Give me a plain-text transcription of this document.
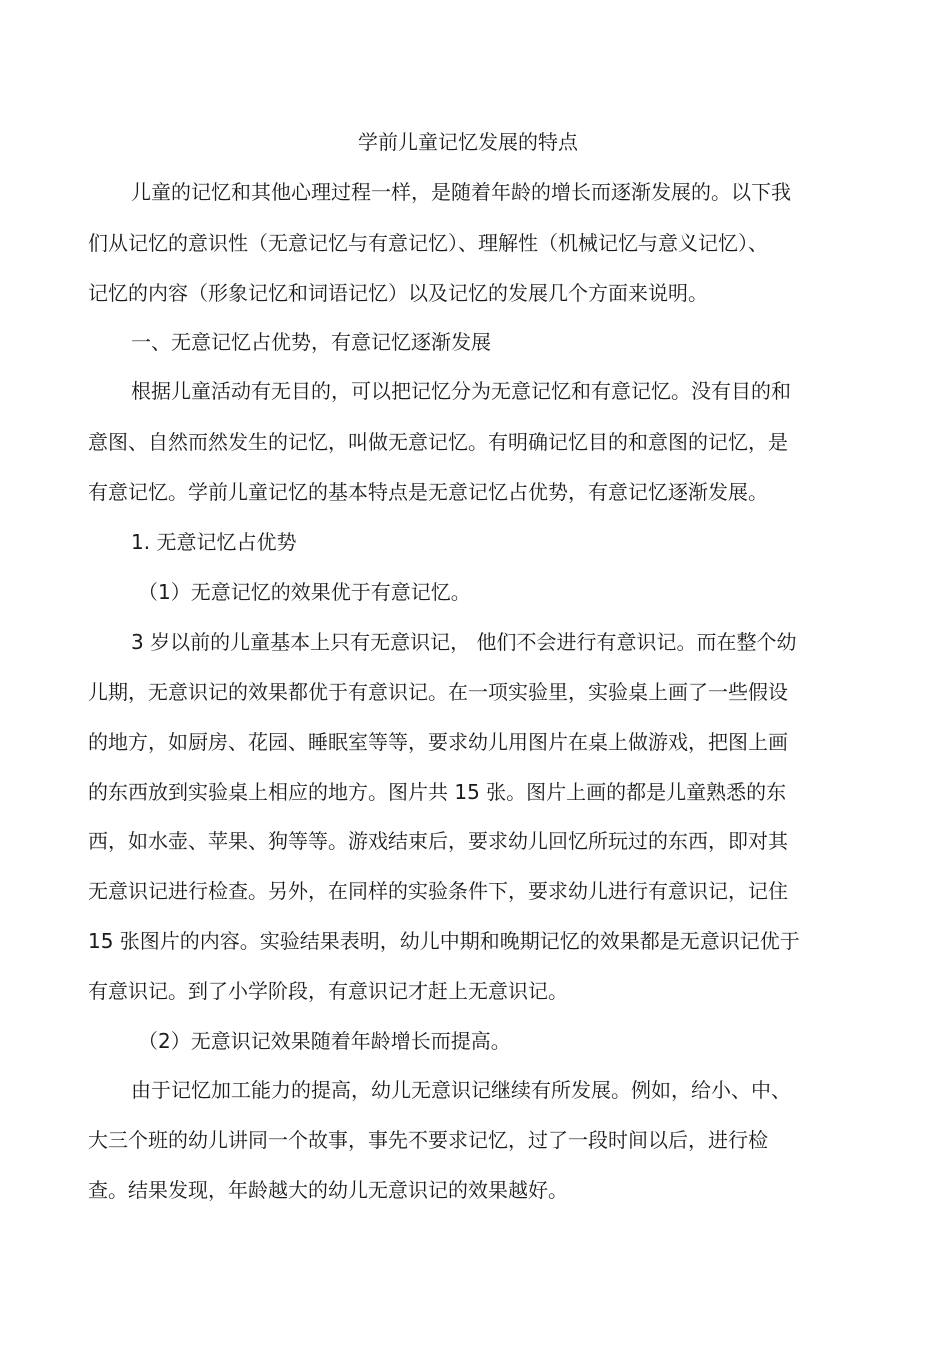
学前儿童记忆发展的特点
儿童的记忆和其他心理过程一样，是随着年龄的增长而逐渐发展的。以下我
们从记忆的意识性（无意记忆与有意记忆）、理解性（机械记忆与意义记忆）、
记忆的内容（形象记忆和词语记忆）以及记忆的发展几个方面来说明。
一、无意记忆占优势，有意记忆逐渐发展
根据儿童活动有无目的，可以把记忆分为无意记忆和有意记忆。没有目的和
意图、自然而然发生的记忆，叫做无意记忆。有明确记忆目的和意图的记忆，是
有意记忆。学前儿童记忆的基本特点是无意记忆占优势，有意记忆逐渐发展。
1. 无意记忆占优势
（1）无意记忆的效果优于有意记忆。
3 岁以前的儿童基本上只有无意识记， 他们不会进行有意识记。而在整个幼
儿期，无意识记的效果都优于有意识记。在一项实验里，实验桌上画了一些假设
的地方，如厨房、花园、睡眠室等等，要求幼儿用图片在桌上做游戏，把图上画
的东西放到实验桌上相应的地方。图片共 15 张。图片上画的都是儿童熟悉的东
西，如水壶、苹果、狗等等。游戏结束后，要求幼儿回忆所玩过的东西，即对其
无意识记进行检查。另外，在同样的实验条件下，要求幼儿进行有意识记，记住
15 张图片的内容。实验结果表明，幼儿中期和晚期记忆的效果都是无意识记优于
有意识记。到了小学阶段，有意识记才赶上无意识记。
（2）无意识记效果随着年龄增长而提高。
由于记忆加工能力的提高，幼儿无意识记继续有所发展。例如，给小、中、
大三个班的幼儿讲同一个故事，事先不要求记忆，过了一段时间以后，进行检
查。结果发现，年龄越大的幼儿无意识记的效果越好。
